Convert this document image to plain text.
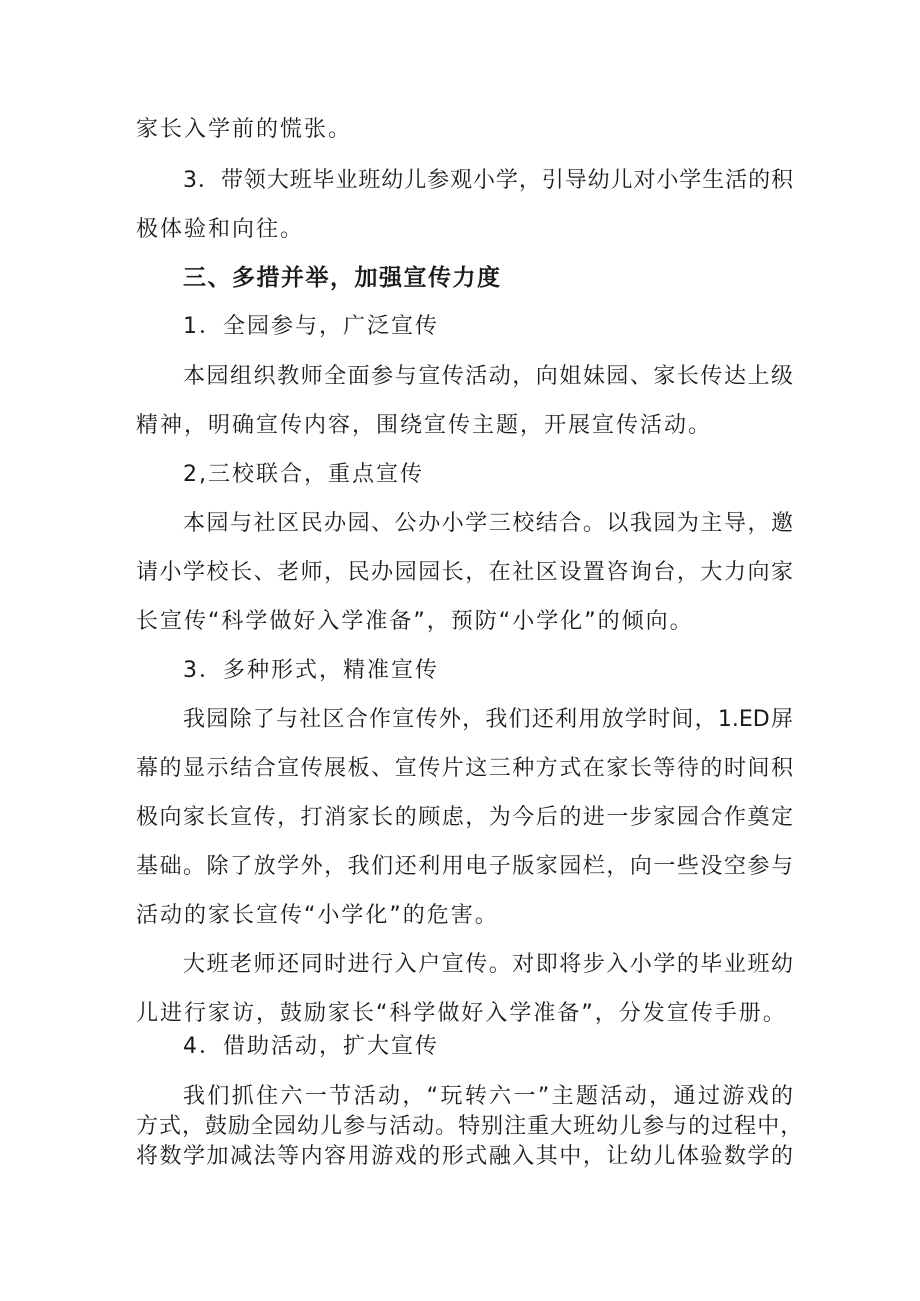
家长入学前的慌张。
3．带领大班毕业班幼儿参观小学，引导幼儿对小学生活的积
极体验和向往。
三、多措并举，加强宣传力度
1．全园参与，广泛宣传
本园组织教师全面参与宣传活动，向姐妹园、家长传达上级
精神，明确宣传内容，围绕宣传主题，开展宣传活动。
2,三校联合，重点宣传
本园与社区民办园、公办小学三校结合。以我园为主导，邀
请小学校长、老师，民办园园长，在社区设置咨询台，大力向家
长宣传“科学做好入学准备”，预防“小学化”的倾向。
3．多种形式，精准宣传
我园除了与社区合作宣传外，我们还利用放学时间，1.ED屏
幕的显示结合宣传展板、宣传片这三种方式在家长等待的时间积
极向家长宣传，打消家长的顾虑，为今后的进一步家园合作奠定
基础。除了放学外，我们还利用电子版家园栏，向一些没空参与
活动的家长宣传“小学化”的危害。
大班老师还同时进行入户宣传。对即将步入小学的毕业班幼
儿进行家访，鼓励家长“科学做好入学准备”，分发宣传手册。
4．借助活动，扩大宣传
我们抓住六一节活动，“玩转六一”主题活动，通过游戏的
方式，鼓励全园幼儿参与活动。特别注重大班幼儿参与的过程中，
将数学加减法等内容用游戏的形式融入其中，让幼儿体验数学的
